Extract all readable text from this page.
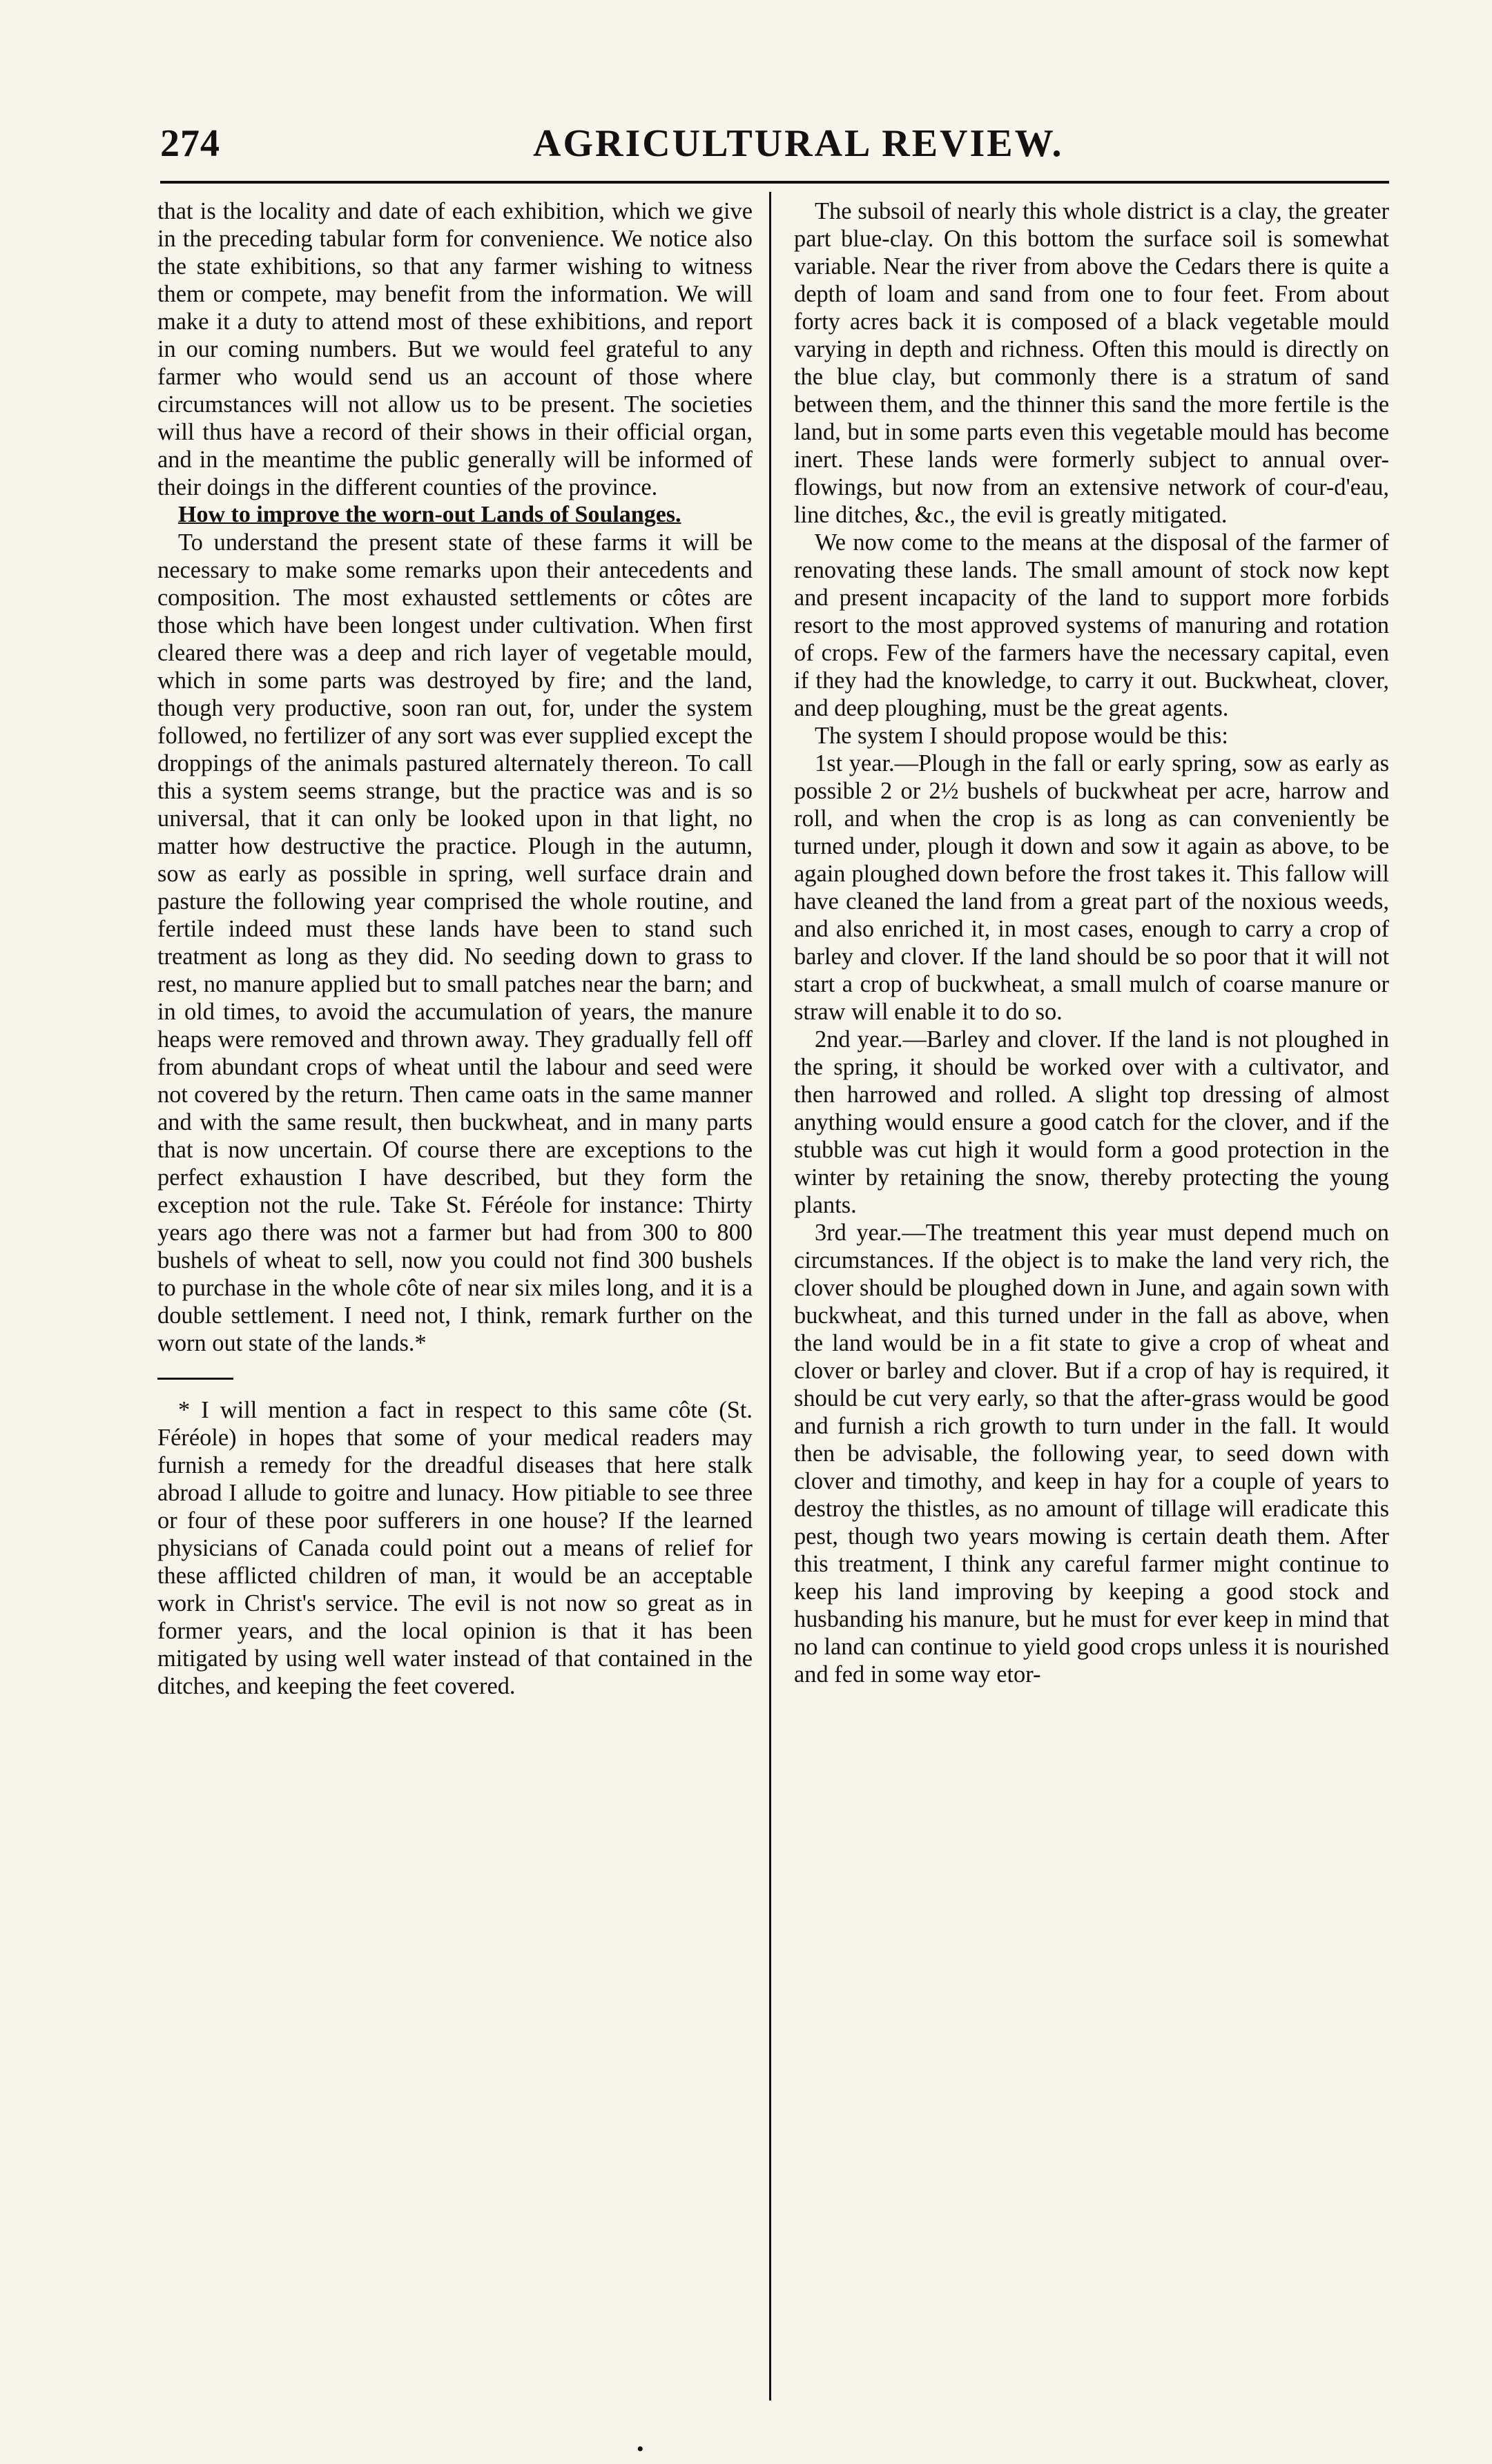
274	AGRICULTURAL REVIEW.

that is the locality and date of each exhibition, which we give in the preceding tabular form for convenience. We notice also the state exhibitions, so that any farmer wishing to witness them or compete, may benefit from the information. We will make it a duty to attend most of these exhibitions, and report in our coming numbers. But we would feel grateful to any farmer who would send us an account of those where circumstances will not allow us to be present. The societies will thus have a record of their shows in their official organ, and in the meantime the public generally will be informed of their doings in the different counties of the province.

How to improve the worn-out Lands of Soulanges.

To understand the present state of these farms it will be necessary to make some remarks upon their antecedents and composition. The most exhausted settlements or côtes are those which have been longest under cultivation. When first cleared there was a deep and rich layer of vegetable mould, which in some parts was destroyed by fire; and the land, though very productive, soon ran out, for, under the system followed, no fertilizer of any sort was ever supplied except the droppings of the animals pastured alternately thereon. To call this a system seems strange, but the practice was and is so universal, that it can only be looked upon in that light, no matter how destructive the practice. Plough in the autumn, sow as early as possible in spring, well surface drain and pasture the following year comprised the whole routine, and fertile indeed must these lands have been to stand such treatment as long as they did. No seeding down to grass to rest, no manure applied but to small patches near the barn; and in old times, to avoid the accumulation of years, the manure heaps were removed and thrown away. They gradually fell off from abundant crops of wheat until the labour and seed were not covered by the return. Then came oats in the same manner and with the same result, then buckwheat, and in many parts that is now uncertain. Of course there are exceptions to the perfect exhaustion I have described, but they form the exception not the rule. Take St. Féréole for instance: Thirty years ago there was not a farmer but had from 300 to 800 bushels of wheat to sell, now you could not find 300 bushels to purchase in the whole côte of near six miles long, and it is a double settlement. I need not, I think, remark further on the worn out state of the lands.*

* I will mention a fact in respect to this same côte (St. Féréole) in hopes that some of your medical readers may furnish a remedy for the dreadful diseases that here stalk abroad I allude to goitre and lunacy. How pitiable to see three or four of these poor sufferers in one house? If the learned physicians of Canada could point out a means of relief for these afflicted children of man, it would be an acceptable work in Christ's service. The evil is not now so great as in former years, and the local opinion is that it has been mitigated by using well water instead of that contained in the ditches, and keeping the feet covered.

The subsoil of nearly this whole district is a clay, the greater part blue-clay. On this bottom the surface soil is somewhat variable. Near the river from above the Cedars there is quite a depth of loam and sand from one to four feet. From about forty acres back it is composed of a black vegetable mould varying in depth and richness. Often this mould is directly on the blue clay, but commonly there is a stratum of sand between them, and the thinner this sand the more fertile is the land, but in some parts even this vegetable mould has become inert. These lands were formerly subject to annual over-flowings, but now from an extensive network of cour-d'eau, line ditches, &c., the evil is greatly mitigated.

We now come to the means at the disposal of the farmer of renovating these lands. The small amount of stock now kept and present incapacity of the land to support more forbids resort to the most approved systems of manuring and rotation of crops. Few of the farmers have the necessary capital, even if they had the knowledge, to carry it out. Buckwheat, clover, and deep ploughing, must be the great agents.

The system I should propose would be this:

1st year.—Plough in the fall or early spring, sow as early as possible 2 or 2½ bushels of buckwheat per acre, harrow and roll, and when the crop is as long as can conveniently be turned under, plough it down and sow it again as above, to be again ploughed down before the frost takes it. This fallow will have cleaned the land from a great part of the noxious weeds, and also enriched it, in most cases, enough to carry a crop of barley and clover. If the land should be so poor that it will not start a crop of buckwheat, a small mulch of coarse manure or straw will enable it to do so.

2nd year.—Barley and clover. If the land is not ploughed in the spring, it should be worked over with a cultivator, and then harrowed and rolled. A slight top dressing of almost anything would ensure a good catch for the clover, and if the stubble was cut high it would form a good protection in the winter by retaining the snow, thereby protecting the young plants.

3rd year.—The treatment this year must depend much on circumstances. If the object is to make the land very rich, the clover should be ploughed down in June, and again sown with buckwheat, and this turned under in the fall as above, when the land would be in a fit state to give a crop of wheat and clover or barley and clover. But if a crop of hay is required, it should be cut very early, so that the after-grass would be good and furnish a rich growth to turn under in the fall. It would then be advisable, the following year, to seed down with clover and timothy, and keep in hay for a couple of years to destroy the thistles, as no amount of tillage will eradicate this pest, though two years mowing is certain death them. After this treatment, I think any careful farmer might continue to keep his land improving by keeping a good stock and husbanding his manure, but he must for ever keep in mind that no land can continue to yield good crops unless it is nourished and fed in some way etor-

•
